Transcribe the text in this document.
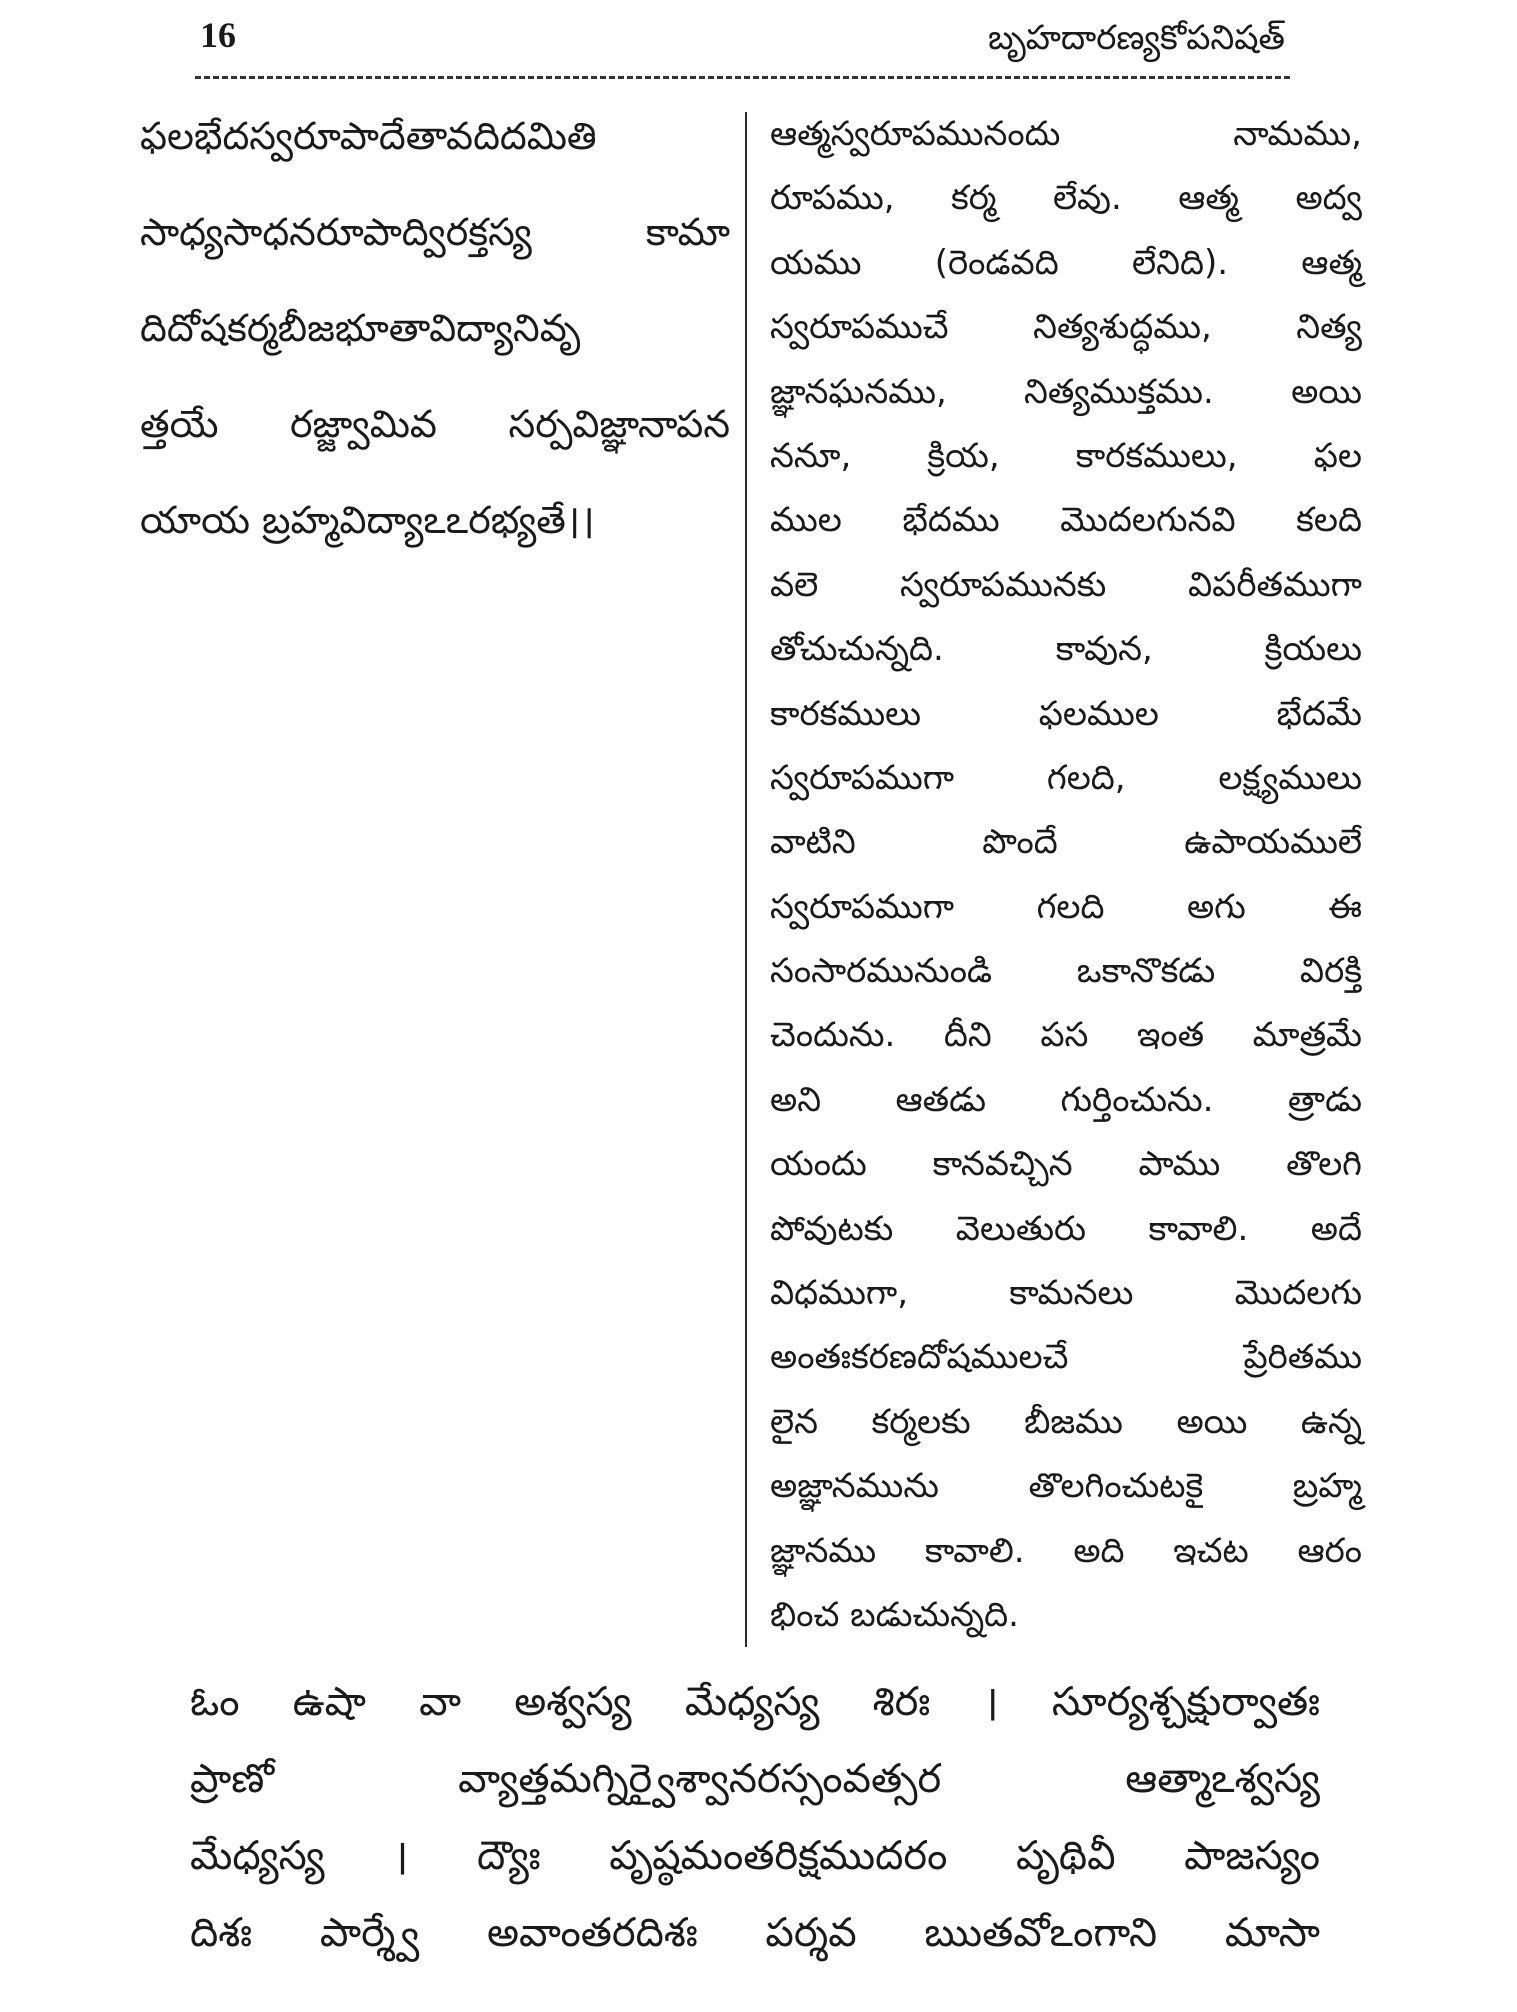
16	బృహదారణ్యకోపనిషత్
ఫలభేదస్వరూపాదేతావదిదమితి
సాధ్యసాధనరూపాద్విరక్తస్య కామా
దిదోషకర్మబీజభూతావిద్యానివృ
త్తయే రజ్జ్వామివ సర్పవిజ్ఞానాపన
యాయ బ్రహ్మవిద్యాఽఽరభ్యతే।।
ఆత్మస్వరూపమునందు నామము,
రూపము, కర్మ లేవు. ఆత్మ అద్వ
యము (రెండవది లేనిది). ఆత్మ
స్వరూపముచే నిత్యశుద్ధము, నిత్య
జ్ఞానఘనము, నిత్యముక్తము. అయి
ననూ, క్రియ, కారకములు, ఫల
ముల భేదము మొదలగునవి కలది
వలె స్వరూపమునకు విపరీతముగా
తోచుచున్నది. కావున, క్రియలు
కారకములు ఫలముల భేదమే
స్వరూపముగా గలది, లక్ష్యములు
వాటిని పొందే ఉపాయములే
స్వరూపముగా గలది అగు ఈ
సంసారమునుండి ఒకానొకడు విరక్తి
చెందును. దీని పస ఇంత మాత్రమే
అని ఆతడు గుర్తించును. త్రాడు
యందు కానవచ్చిన పాము తొలగి
పోవుటకు వెలుతురు కావాలి. అదే
విధముగా, కామనలు మొదలగు
అంతఃకరణదోషములచే ప్రేరితము
లైన కర్మలకు బీజము అయి ఉన్న
అజ్ఞానమును తొలగించుటకై బ్రహ్మ
జ్ఞానము కావాలి. అది ఇచట ఆరం
భించ బడుచున్నది.
ఓం ఉషా వా అశ్వస్య మేధ్యస్య శిరః । సూర్యశ్చక్షుర్వాతః
ప్రాణో వ్యాత్తమగ్నిర్వైశ్వానరస్సంవత్సర ఆత్మాఽశ్వస్య
మేధ్యస్య । ద్యౌః పృష్ఠమంతరిక్షముదరం పృథివీ పాజస్యం
దిశః పార్శ్వే అవాంతరదిశః పర్శవ ఋతవోఽంగాని మాసా
